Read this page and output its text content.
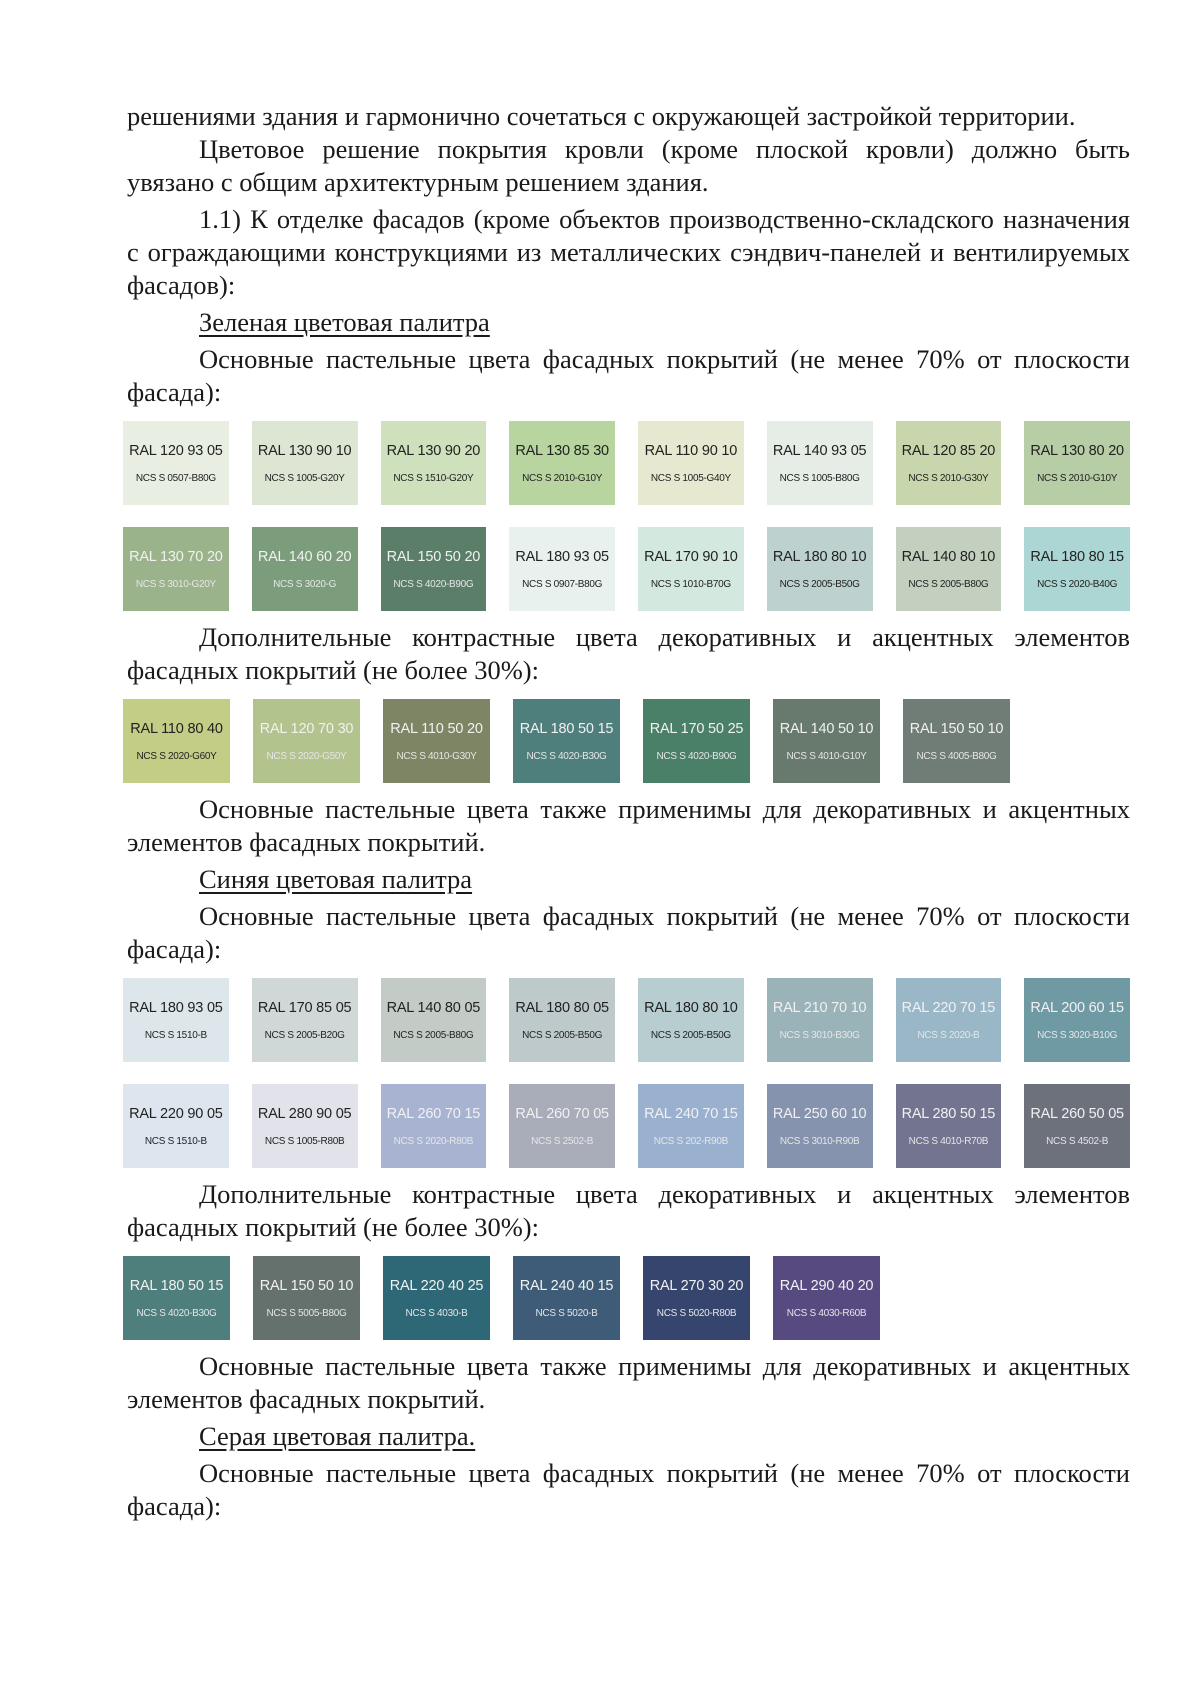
решениями здания и гармонично сочетаться с окружающей застройкой территории.

Цветовое решение покрытия кровли (кроме плоской кровли) должно быть увязано с общим архитектурным решением здания.

1.1) К отделке фасадов (кроме объектов производственно-складского назначения с ограждающими конструкциями из металлических сэндвич-панелей и вентилируемых фасадов):

Зеленая цветовая палитра

Основные пастельные цвета фасадных покрытий (не менее 70% от плоскости фасада):

RAL 120 93 05
NCS S 0507-B80G
RAL 130 90 10
NCS S 1005-G20Y
RAL 130 90 20
NCS S 1510-G20Y
RAL 130 85 30
NCS S 2010-G10Y
RAL 110 90 10
NCS S 1005-G40Y
RAL 140 93 05
NCS S 1005-B80G
RAL 120 85 20
NCS S 2010-G30Y
RAL 130 80 20
NCS S 2010-G10Y
RAL 130 70 20
NCS S 3010-G20Y
RAL 140 60 20
NCS S 3020-G
RAL 150 50 20
NCS S 4020-B90G
RAL 180 93 05
NCS S 0907-B80G
RAL 170 90 10
NCS S 1010-B70G
RAL 180 80 10
NCS S 2005-B50G
RAL 140 80 10
NCS S 2005-B80G
RAL 180 80 15
NCS S 2020-B40G

Дополнительные контрастные цвета декоративных и акцентных элементов фасадных покрытий (не более 30%):

RAL 110 80 40
NCS S 2020-G60Y
RAL 120 70 30
NCS S 2020-G50Y
RAL 110 50 20
NCS S 4010-G30Y
RAL 180 50 15
NCS S 4020-B30G
RAL 170 50 25
NCS S 4020-B90G
RAL 140 50 10
NCS S 4010-G10Y
RAL 150 50 10
NCS S 4005-B80G

Основные пастельные цвета также применимы для декоративных и акцентных элементов фасадных покрытий.

Синяя цветовая палитра

Основные пастельные цвета фасадных покрытий (не менее 70% от плоскости фасада):

RAL 180 93 05
NCS S 1510-B
RAL 170 85 05
NCS S 2005-B20G
RAL 140 80 05
NCS S 2005-B80G
RAL 180 80 05
NCS S 2005-B50G
RAL 180 80 10
NCS S 2005-B50G
RAL 210 70 10
NCS S 3010-B30G
RAL 220 70 15
NCS S 2020-B
RAL 200 60 15
NCS S 3020-B10G
RAL 220 90 05
NCS S 1510-B
RAL 280 90 05
NCS S 1005-R80B
RAL 260 70 15
NCS S 2020-R80B
RAL 260 70 05
NCS S 2502-B
RAL 240 70 15
NCS S 202-R90B
RAL 250 60 10
NCS S 3010-R90B
RAL 280 50 15
NCS S 4010-R70B
RAL 260 50 05
NCS S 4502-B

Дополнительные контрастные цвета декоративных и акцентных элементов фасадных покрытий (не более 30%):

RAL 180 50 15
NCS S 4020-B30G
RAL 150 50 10
NCS S 5005-B80G
RAL 220 40 25
NCS S 4030-B
RAL 240 40 15
NCS S 5020-B
RAL 270 30 20
NCS S 5020-R80B
RAL 290 40 20
NCS S 4030-R60B

Основные пастельные цвета также применимы для декоративных и акцентных элементов фасадных покрытий.

Серая цветовая палитра.

Основные пастельные цвета фасадных покрытий (не менее 70% от плоскости фасада):
